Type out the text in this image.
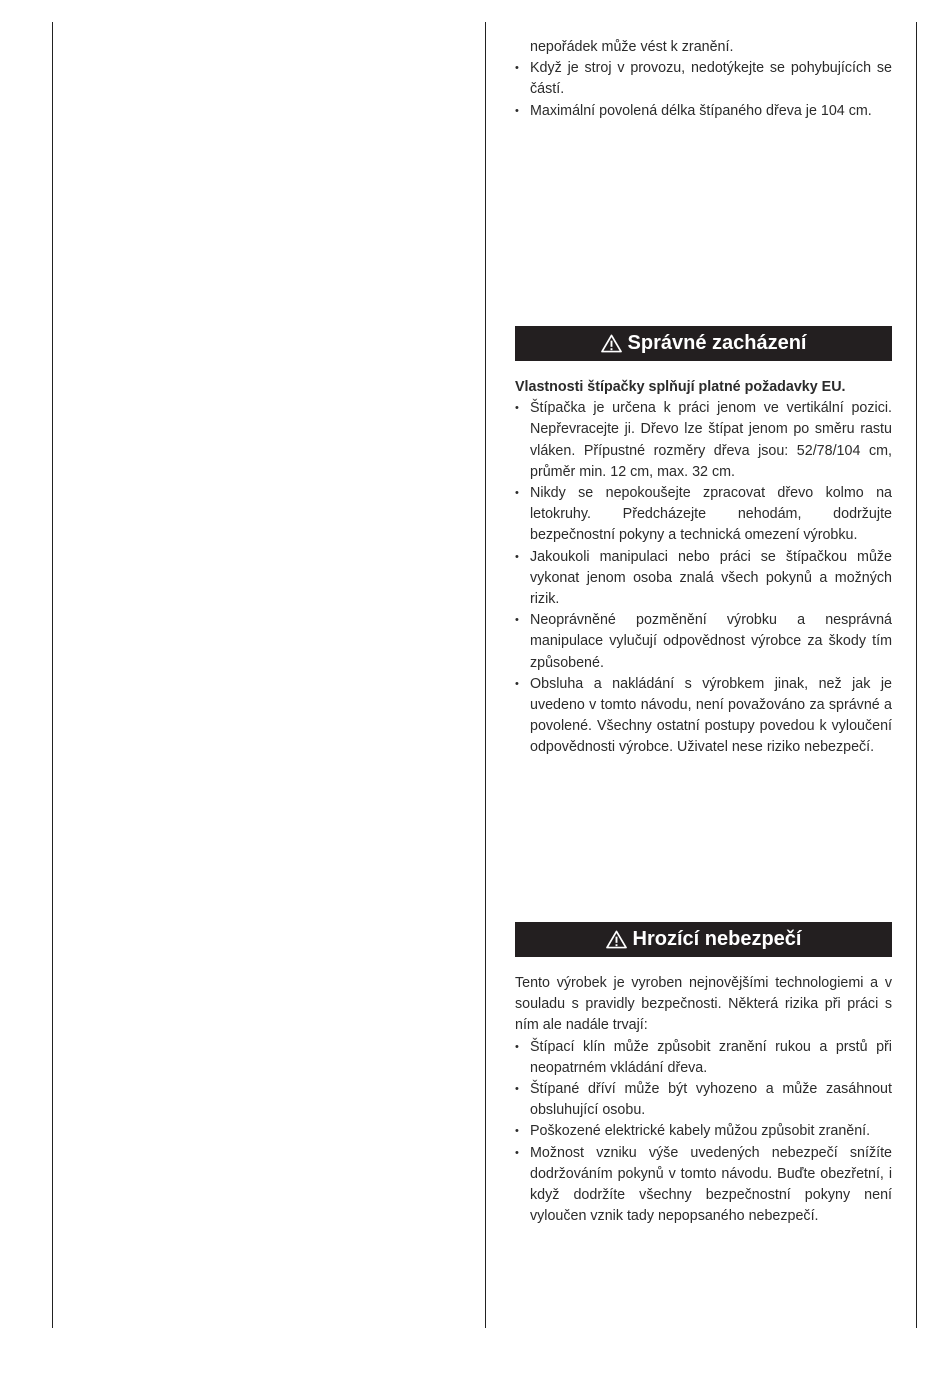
nepořádek může vést k zranění.
• Když je stroj v provozu, nedotýkejte se pohybujících se částí.
• Maximální povolená délka štípaného dřeva je 104 cm.
Správné zacházení

Vlastnosti štípačky splňují platné požadavky EU.

• Štípačka je určena k práci jenom ve vertikální pozici. Nepřevracejte ji. Dřevo lze štípat jenom po směru rastu vláken. Přípustné rozměry dřeva jsou: 52/78/104 cm, průměr min. 12 cm, max. 32 cm.
• Nikdy se nepokoušejte zpracovat dřevo kolmo na letokruhy. Předcházejte nehodám, dodržujte bezpečnostní pokyny a technická omezení výrobku.
• Jakoukoli manipulaci nebo práci se štípačkou může vykonat jenom osoba znalá všech pokynů a možných rizik.
• Neoprávněné pozměnění výrobku a nesprávná manipulace vylučují odpovědnost výrobce za škody tím způsobené.
• Obsluha a nakládání s výrobkem jinak, než jak je uvedeno v tomto návodu, není považováno za správné a povolené. Všechny ostatní postupy povedou k vyloučení odpovědnosti výrobce. Uživatel nese riziko nebezpečí.
Hrozící nebezpečí

Tento výrobek je vyroben nejnovějšími technologiemi a v souladu s pravidly bezpečnosti. Některá rizika při práci s ním ale nadále trvají:

• Štípací klín může způsobit zranění rukou a prstů při neopatrném vkládání dřeva.
• Štípané dříví může být vyhozeno a může zasáhnout obsluhující osobu.
• Poškozené elektrické kabely můžou způsobit zranění.
• Možnost vzniku výše uvedených nebezpečí snížíte dodržováním pokynů v tomto návodu. Buďte obezřetní, i když dodržíte všechny bezpečnostní pokyny není vyloučen vznik tady nepopsaného nebezpečí.
